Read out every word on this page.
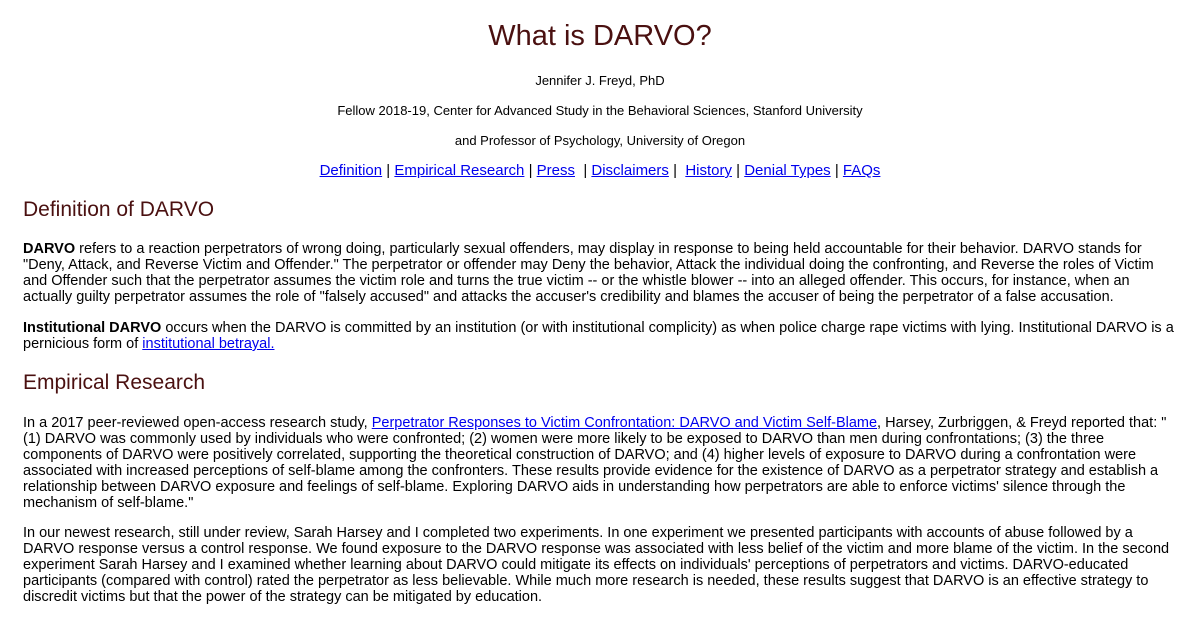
What is DARVO?

Jennifer J. Freyd, PhD

Fellow 2018-19, Center for Advanced Study in the Behavioral Sciences, Stanford University

and Professor of Psychology, University of Oregon

Definition | Empirical Research | Press  | Disclaimers |  History | Denial Types | FAQs
Definition of DARVO

DARVO refers to a reaction perpetrators of wrong doing, particularly sexual offenders, may display in response to being held accountable for their behavior. DARVO stands for "Deny, Attack, and Reverse Victim and Offender." The perpetrator or offender may Deny the behavior, Attack the individual doing the confronting, and Reverse the roles of Victim and Offender such that the perpetrator assumes the victim role and turns the true victim -- or the whistle blower -- into an alleged offender. This occurs, for instance, when an actually guilty perpetrator assumes the role of "falsely accused" and attacks the accuser's credibility and blames the accuser of being the perpetrator of a false accusation.

Institutional DARVO occurs when the DARVO is committed by an institution (or with institutional complicity) as when police charge rape victims with lying. Institutional DARVO is a pernicious form of institutional betrayal.

Empirical Research

In a 2017 peer-reviewed open-access research study, Perpetrator Responses to Victim Confrontation: DARVO and Victim Self-Blame, Harsey, Zurbriggen, & Freyd reported that: "(1) DARVO was commonly used by individuals who were confronted; (2) women were more likely to be exposed to DARVO than men during confrontations; (3) the three components of DARVO were positively correlated, supporting the theoretical construction of DARVO; and (4) higher levels of exposure to DARVO during a confrontation were associated with increased perceptions of self-blame among the confronters. These results provide evidence for the existence of DARVO as a perpetrator strategy and establish a relationship between DARVO exposure and feelings of self-blame. Exploring DARVO aids in understanding how perpetrators are able to enforce victims' silence through the mechanism of self-blame."

In our newest research, still under review, Sarah Harsey and I completed two experiments. In one experiment we presented participants with accounts of abuse followed by a DARVO response versus a control response. We found exposure to the DARVO response was associated with less belief of the victim and more blame of the victim. In the second experiment Sarah Harsey and I examined whether learning about DARVO could mitigate its effects on individuals' perceptions of perpetrators and victims. DARVO-educated participants (compared with control) rated the perpetrator as less believable. While much more research is needed, these results suggest that DARVO is an effective strategy to discredit victims but that the power of the strategy can be mitigated by education.
